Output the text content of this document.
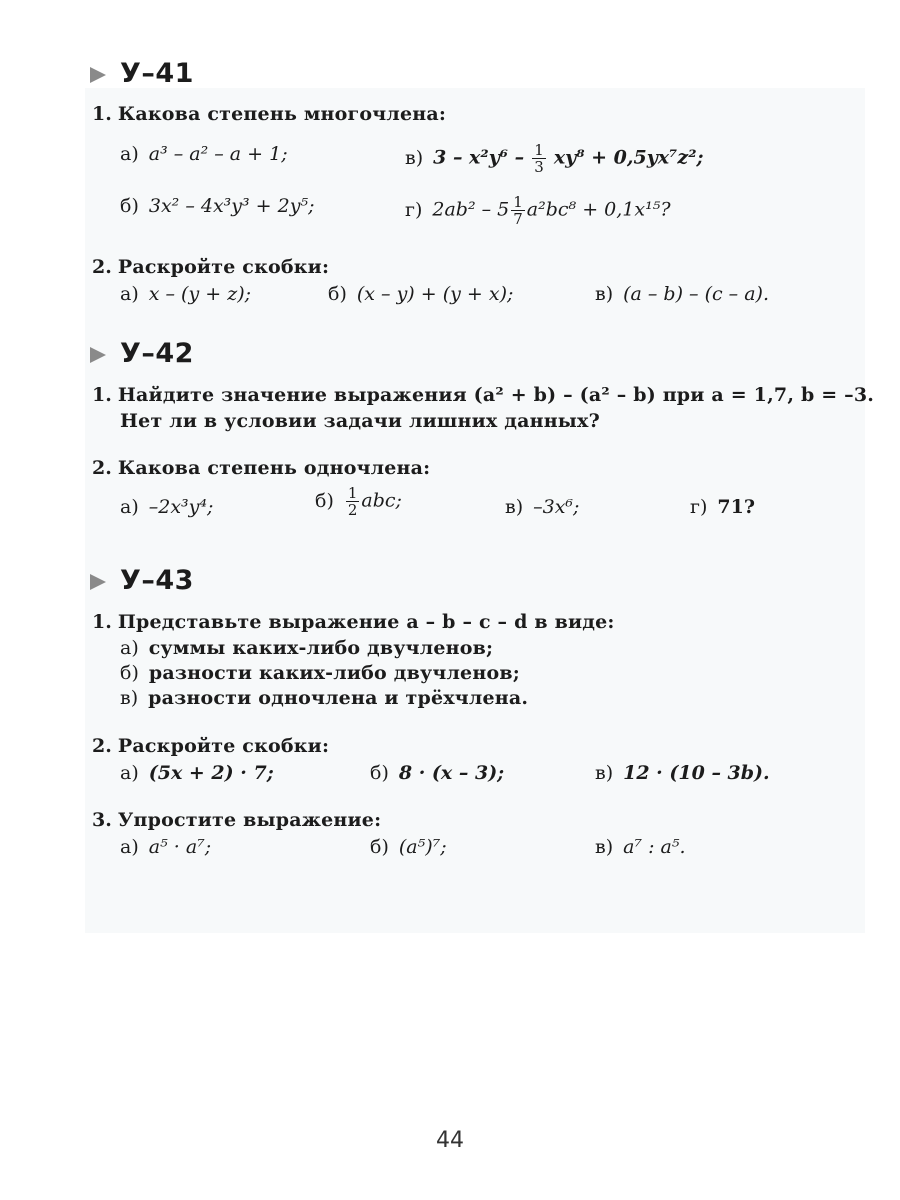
У–41
1. Какова степень многочлена:
а) a³ – a² – a + 1;	в) $3 - x^2y^6 - \frac{1}{3} xy^8 + 0,5yx^7z^2$;
б) 3x² – 4x³y³ + 2y⁵;	г) $2ab^2 - 5 \frac{1}{7} a^2bc^8 + 0,1x^{15}$?
2. Раскройте скобки:
а) x – (y + z);	б) (x – y) + (y + x);	в) (a – b) – (c – a).
У–42
1. Найдите значение выражения (a² + b) – (a² – b) при a = 1,7, b = –3.
Нет ли в условии задачи лишних данных?
2. Какова степень одночлена:
а) –2x³y⁴;	$б) \frac{1}{2}$ abc;	в) –3x⁶;	г) 71?
У–43
1. Представьте выражение a – b – c – d в виде:
а) суммы каких-либо двучленов;
б) разности каких-либо двучленов;
в) разности одночлена и трёхчлена.
2. Раскройте скобки:
а) (5x + 2) · 7;	б) 8 · (x – 3);	в) 12 · (10 – 3b).
3. Упростите выражение:
а) a⁵ · a⁷;	б) (a⁵)⁷;	в) a⁷ : a⁵.
44
